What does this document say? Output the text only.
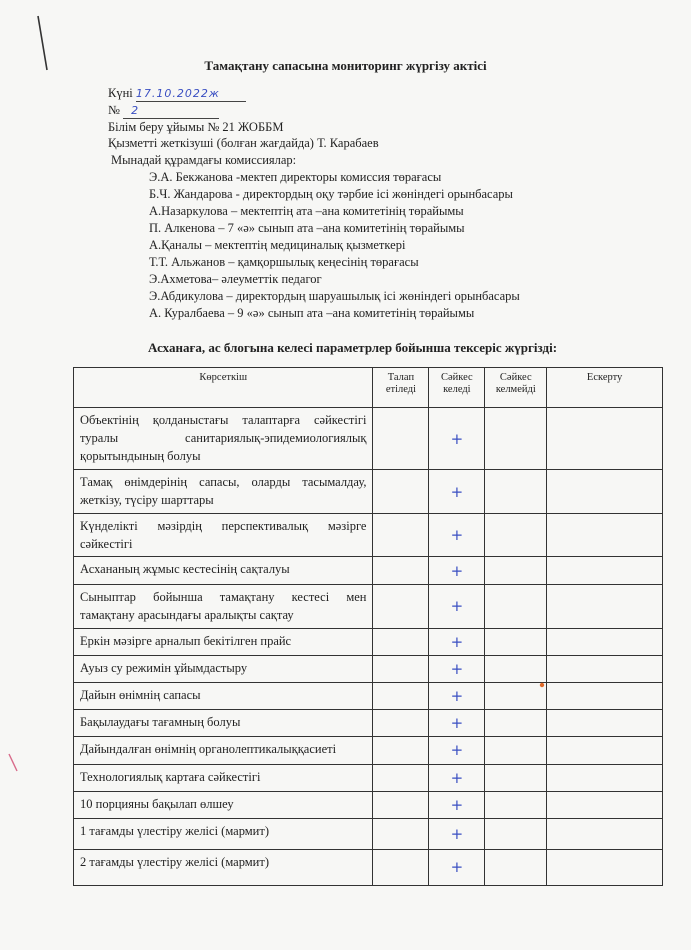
Тамақтану сапасына мониторинг жүргізу актісі
Күні 17.10.2022ж
№ 2
Білім беру ұйымы № 21 ЖОББМ
Қызметті жеткізуші (болған жағдайда) Т. Карабаев
Мынадай құрамдағы комиссиялар:
Э.А. Бекжанова -мектеп директоры комиссия төрағасы
Б.Ч. Жандарова - директордың оқу тәрбие ісі жөніндегі орынбасары
А.Назаркулова – мектептің ата –ана комитетінің төрайымы
П. Алкенова – 7 «ә» сынып ата –ана комитетінің төрайымы
А.Қаналы – мектептің медициналық қызметкері
Т.Т. Альжанов – қамқоршылық кеңесінің төрағасы
Э.Ахметова– әлеуметтік педагог
Э.Абдикулова – директордың шаруашылық ісі жөніндегі орынбасары
А. Куралбаева – 9 «ә» сынып ата –ана комитетінің төрайымы
Асханаға, ас блогына келесі параметрлер бойынша тексеріс жүргізді:
Көрсеткіш	Талап етіледі	Сәйкес келеді	Сәйкес келмейді	Ескерту
Объектінің қолданыстағы талаптарға сәйкестігі туралы санитариялық-эпидемиологиялық қорытындының болуы		+		
Тамақ өнімдерінің сапасы, оларды тасымалдау, жеткізу, түсіру шарттары		+		
Күнделікті мәзірдің перспективалық мәзірге сәйкестігі		+		
Асхананың жұмыс кестесінің сақталуы		+		
Сыныптар бойынша тамақтану кестесі мен тамақтану арасындағы аралықты сақтау		+		
Еркін мәзірге арналып бекітілген прайс		+		
Ауыз су режимін ұйымдастыру		+		
Дайын өнімнің сапасы		+		
Бақылаудағы тағамның болуы		+		
Дайындалған өнімнің органолептикалыққасиеті		+		
Технологиялық картаға сәйкестігі		+		
10 порцияны бақылап өлшеу		+		
1 тағамды үлестіру желісі (мармит)		+		
2 тағамды үлестіру желісі (мармит)		+		
